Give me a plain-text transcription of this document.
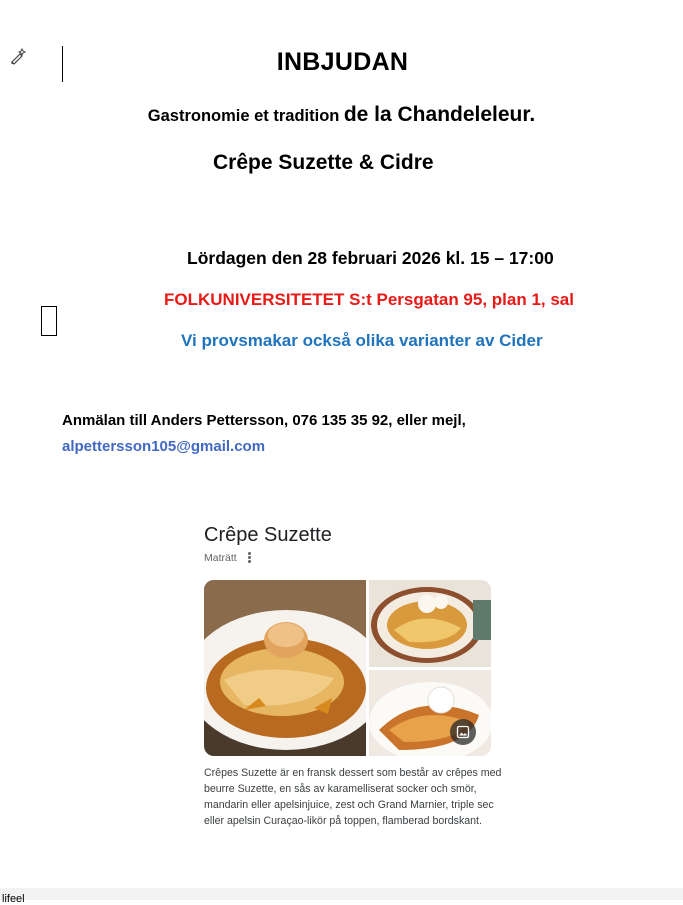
INBJUDAN
Gastronomie et tradition de la Chandeleleur.
Crêpe Suzette & Cidre
Lördagen den 28 februari 2026 kl. 15 – 17:00
FOLKUNIVERSITETET S:t Persgatan 95, plan 1, sal
Vi provsmakar också olika varianter av Cider
Anmälan till Anders Pettersson, 076 135 35 92, eller mejl,
alpettersson105@gmail.com
Crêpe Suzette
Maträtt
Crêpes Suzette är en fransk dessert som består av crêpes med beurre Suzette, en sås av karamelliserat socker och smör, mandarin eller apelsinjuice, zest och Grand Marnier, triple sec eller apelsin Curaçao-likör på toppen, flamberad bordskant.
lifeel
